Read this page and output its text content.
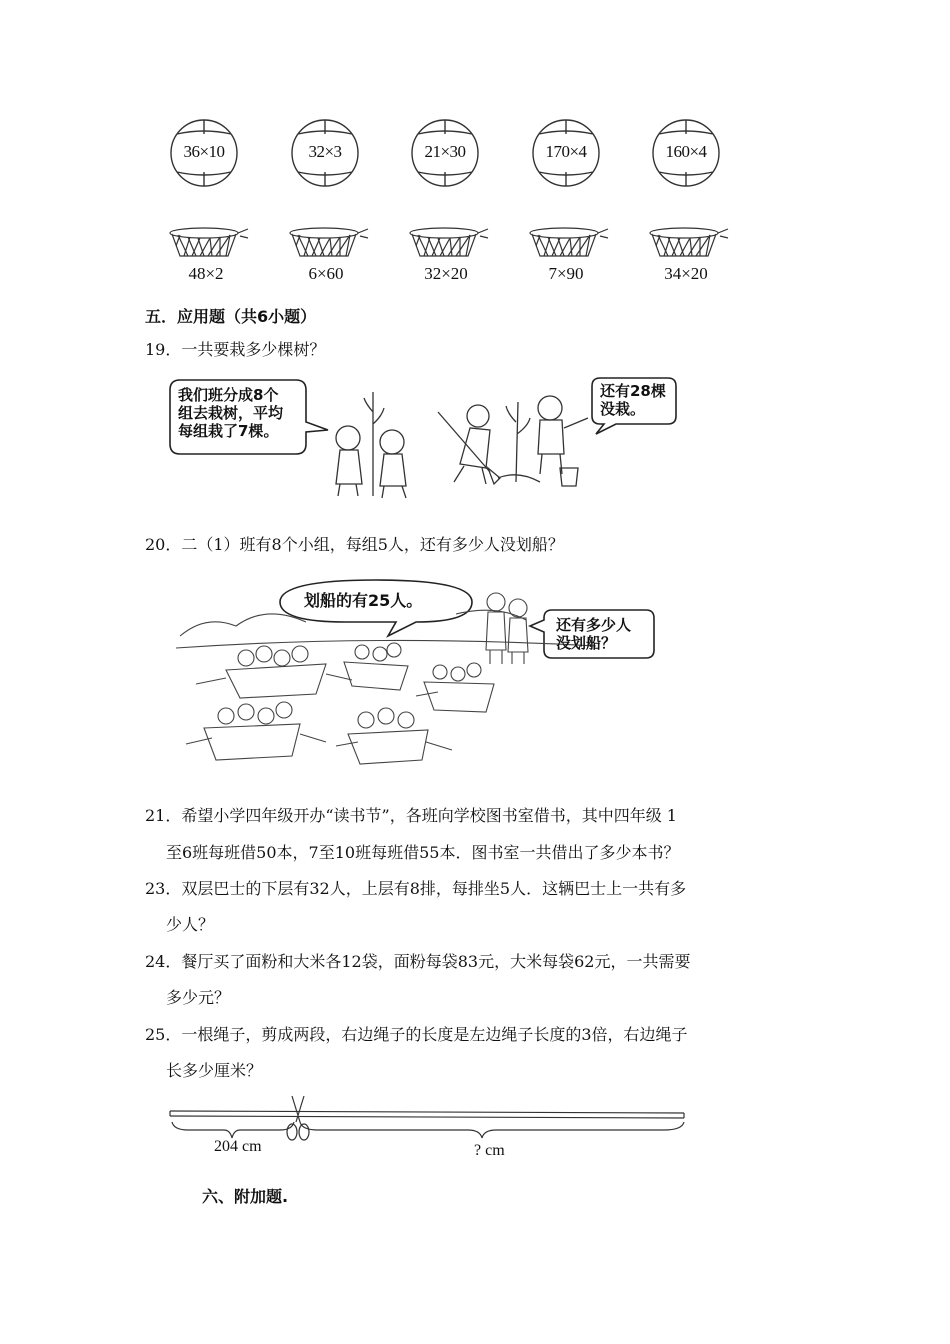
36×10	32×3	21×30	170×4	160×4
48×2	6×60	32×20	7×90	34×20
五．应用题（共6小题）
19．一共要栽多少棵树？
我们班分成8个
组去栽树，平均
每组栽了7棵。
还有28棵
没栽。
20．二（1）班有8个小组，每组5人，还有多少人没划船？
划船的有25人。
还有多少人
没划船？
21．希望小学四年级开办“读书节”，各班向学校图书室借书，其中四年级 1
至6班每班借50本，7至10班每班借55本．图书室一共借出了多少本书？
23．双层巴士的下层有32人，上层有8排，每排坐5人．这辆巴士上一共有多
少人？
24．餐厅买了面粉和大米各12袋，面粉每袋83元，大米每袋62元，一共需要
多少元？
25．一根绳子，剪成两段，右边绳子的长度是左边绳子长度的3倍，右边绳子
长多少厘米？
204 cm	? cm
六、附加题.
